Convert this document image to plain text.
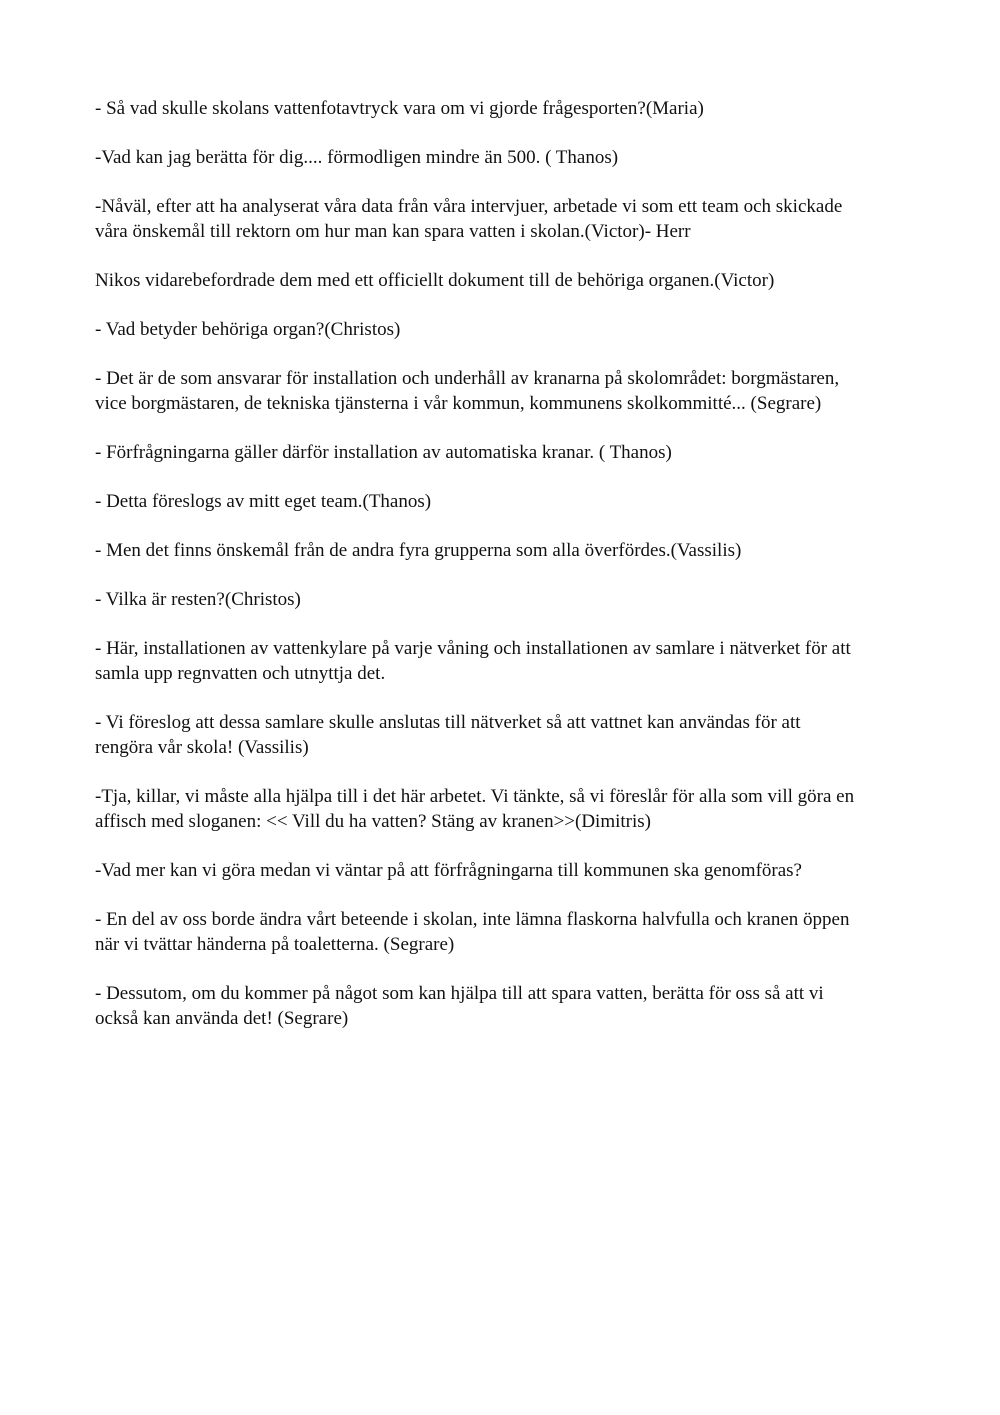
- Så vad skulle skolans vattenfotavtryck vara om vi gjorde frågesporten?(Maria)

-Vad kan jag berätta för dig.... förmodligen mindre än 500. ( Thanos)

-Nåväl, efter att ha analyserat våra data från våra intervjuer, arbetade vi som ett team och skickade
våra önskemål till rektorn om hur man kan spara vatten i skolan.(Victor)- Herr

Nikos vidarebefordrade dem med ett officiellt dokument till de behöriga organen.(Victor)

- Vad betyder behöriga organ?(Christos)

- Det är de som ansvarar för installation och underhåll av kranarna på skolområdet: borgmästaren,
vice borgmästaren, de tekniska tjänsterna i vår kommun, kommunens skolkommitté... (Segrare)

- Förfrågningarna gäller därför installation av automatiska kranar. ( Thanos)

- Detta föreslogs av mitt eget team.(Thanos)

- Men det finns önskemål från de andra fyra grupperna som alla överfördes.(Vassilis)

- Vilka är resten?(Christos)

- Här, installationen av vattenkylare på varje våning och installationen av samlare i nätverket för att
samla upp regnvatten och utnyttja det.

- Vi föreslog att dessa samlare skulle anslutas till nätverket så att vattnet kan användas för att
rengöra vår skola! (Vassilis)

-Tja, killar, vi måste alla hjälpa till i det här arbetet. Vi tänkte, så vi föreslår för alla som vill göra en
affisch med sloganen: << Vill du ha vatten? Stäng av kranen>>(Dimitris)

-Vad mer kan vi göra medan vi väntar på att förfrågningarna till kommunen ska genomföras?

- En del av oss borde ändra vårt beteende i skolan, inte lämna flaskorna halvfulla och kranen öppen
när vi tvättar händerna på toaletterna. (Segrare)

- Dessutom, om du kommer på något som kan hjälpa till att spara vatten, berätta för oss så att vi
också kan använda det! (Segrare)
